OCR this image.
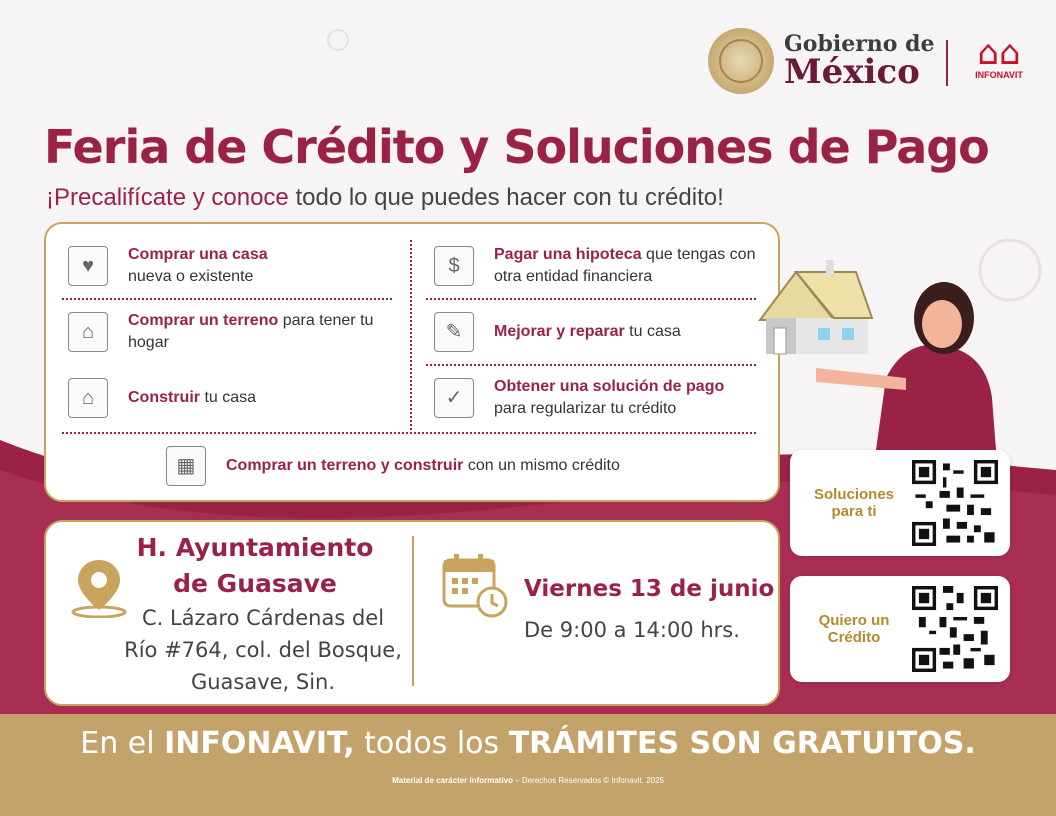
Gobierno de
México	⌂⌂
INFONAVIT
Feria de Crédito y Soluciones de Pago
¡Precalifícate y conoce todo lo que puedes hacer con tu crédito!
♥
Comprar una casa
nueva o existente
⌂
Comprar un terreno para tener tu hogar
⌂	Construir tu casa
$
Pagar una hipoteca que tengas con otra entidad financiera
✎	Mejorar y reparar tu casa
✓
Obtener una solución de pago
para regularizar tu crédito
▦	Comprar un terreno y construir con un mismo crédito
H. Ayuntamiento
de Guasave
C. Lázaro Cárdenas del
Río #764, col. del Bosque,
Guasave, Sin.
Viernes 13 de junio
De 9:00 a 14:00 hrs.
Soluciones
para ti
Quiero un
Crédito
En el INFONAVIT, todos los TRÁMITES SON GRATUITOS.
Material de carácter informativo – Derechos Reservados © Infonavit. 2025
